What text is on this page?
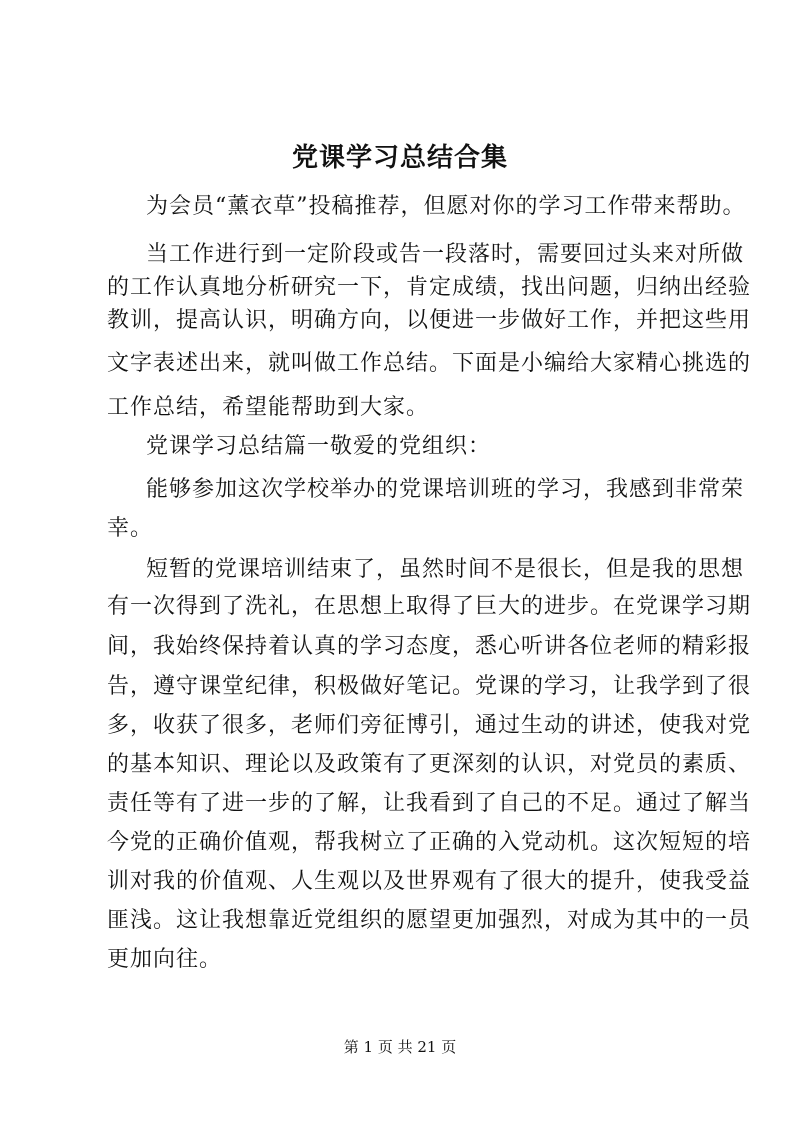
党课学习总结合集
为会员“薰衣草”投稿推荐，但愿对你的学习工作带来帮助。
当工作进行到一定阶段或告一段落时，需要回过头来对所做
的工作认真地分析研究一下，肯定成绩，找出问题，归纳出经验
教训，提高认识，明确方向，以便进一步做好工作，并把这些用
文字表述出来，就叫做工作总结。下面是小编给大家精心挑选的
工作总结，希望能帮助到大家。
党课学习总结篇一敬爱的党组织：
能够参加这次学校举办的党课培训班的学习，我感到非常荣
幸。
短暂的党课培训结束了，虽然时间不是很长，但是我的思想
有一次得到了洗礼，在思想上取得了巨大的进步。在党课学习期
间，我始终保持着认真的学习态度，悉心听讲各位老师的精彩报
告，遵守课堂纪律，积极做好笔记。党课的学习，让我学到了很
多，收获了很多，老师们旁征博引，通过生动的讲述，使我对党
的基本知识、理论以及政策有了更深刻的认识，对党员的素质、
责任等有了进一步的了解，让我看到了自己的不足。通过了解当
今党的正确价值观，帮我树立了正确的入党动机。这次短短的培
训对我的价值观、人生观以及世界观有了很大的提升，使我受益
匪浅。这让我想靠近党组织的愿望更加强烈，对成为其中的一员
更加向往。
第 1 页 共 21 页
